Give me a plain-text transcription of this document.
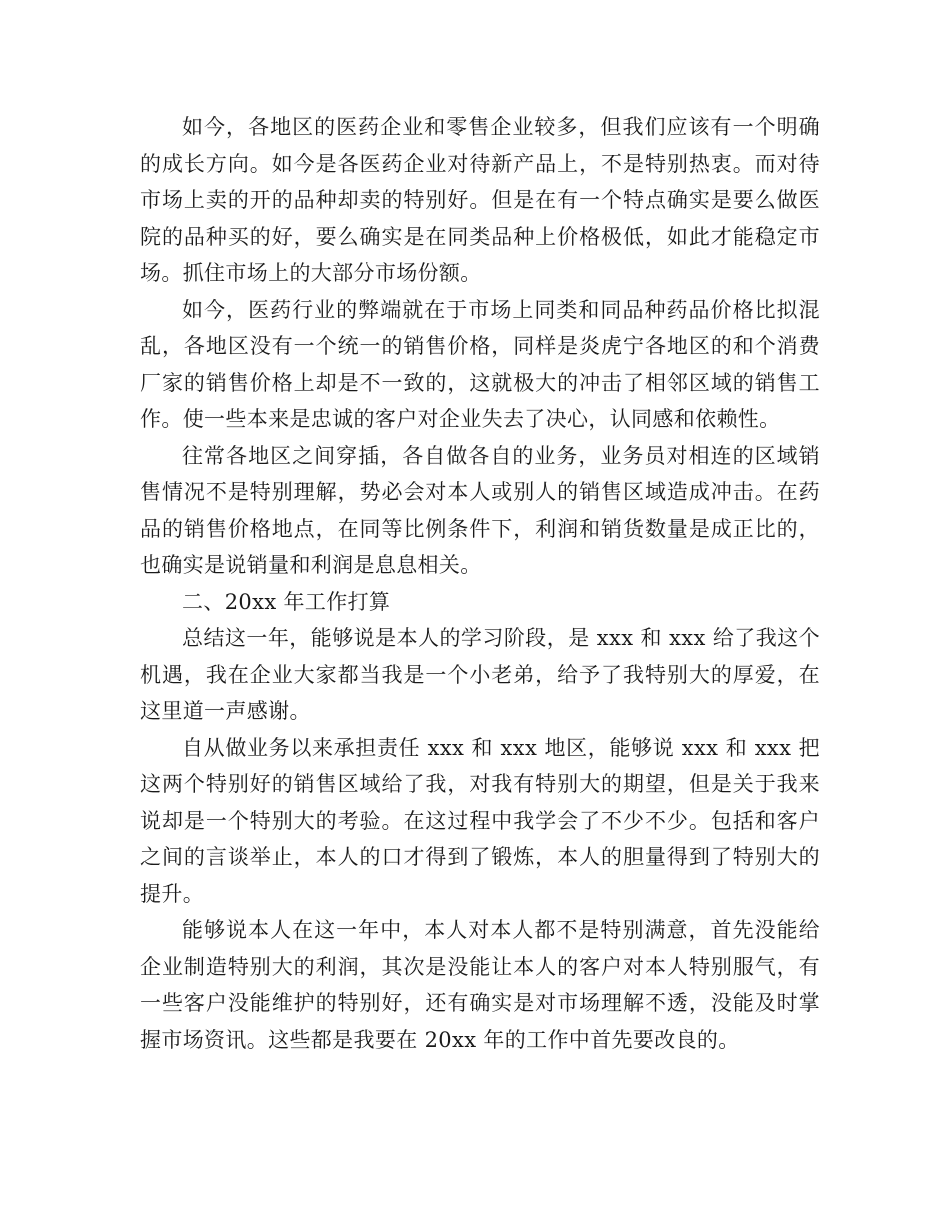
如今，各地区的医药企业和零售企业较多，但我们应该有一个明确的成长方向。如今是各医药企业对待新产品上，不是特别热衷。而对待市场上卖的开的品种却卖的特别好。但是在有一个特点确实是要么做医院的品种买的好，要么确实是在同类品种上价格极低，如此才能稳定市场。抓住市场上的大部分市场份额。

如今，医药行业的弊端就在于市场上同类和同品种药品价格比拟混乱，各地区没有一个统一的销售价格，同样是炎虎宁各地区的和个消费厂家的销售价格上却是不一致的，这就极大的冲击了相邻区域的销售工作。使一些本来是忠诚的客户对企业失去了决心，认同感和依赖性。

往常各地区之间穿插，各自做各自的业务，业务员对相连的区域销售情况不是特别理解，势必会对本人或别人的销售区域造成冲击。在药品的销售价格地点，在同等比例条件下，利润和销货数量是成正比的，也确实是说销量和利润是息息相关。

二、20xx 年工作打算

总结这一年，能够说是本人的学习阶段，是 xxx 和 xxx 给了我这个机遇，我在企业大家都当我是一个小老弟，给予了我特别大的厚爱，在这里道一声感谢。

自从做业务以来承担责任 xxx 和 xxx 地区，能够说 xxx 和 xxx 把这两个特别好的销售区域给了我，对我有特别大的期望，但是关于我来说却是一个特别大的考验。在这过程中我学会了不少不少。包括和客户之间的言谈举止，本人的口才得到了锻炼，本人的胆量得到了特别大的提升。

能够说本人在这一年中，本人对本人都不是特别满意，首先没能给企业制造特别大的利润，其次是没能让本人的客户对本人特别服气，有一些客户没能维护的特别好，还有确实是对市场理解不透，没能及时掌握市场资讯。这些都是我要在 20xx 年的工作中首先要改良的。
